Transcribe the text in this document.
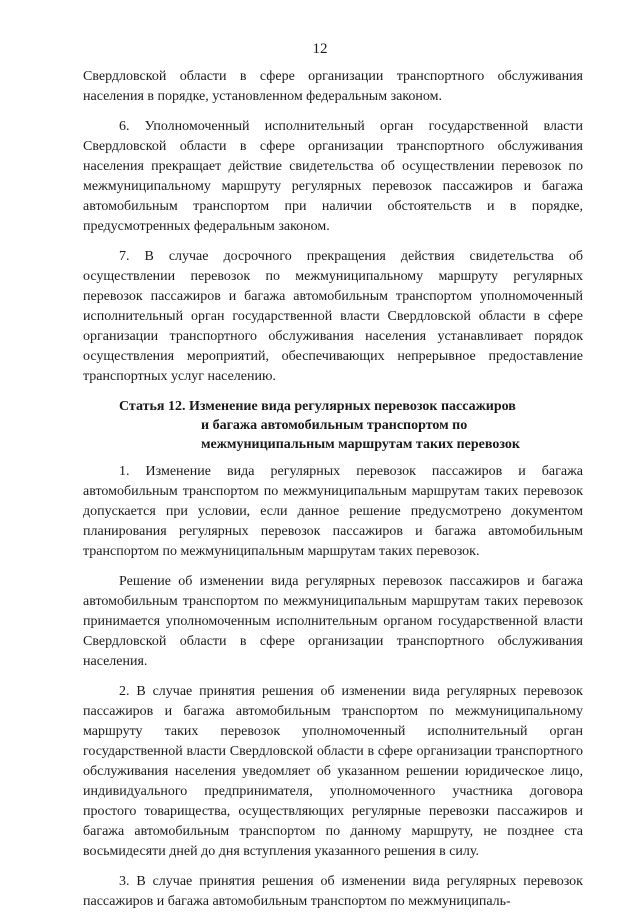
12

Свердловской области в сфере организации транспортного обслуживания населения в порядке, установленном федеральным законом.

6. Уполномоченный исполнительный орган государственной власти Свердловской области в сфере организации транспортного обслуживания населения прекращает действие свидетельства об осуществлении перевозок по межмуниципальному маршруту регулярных перевозок пассажиров и багажа автомобильным транспортом при наличии обстоятельств и в порядке, предусмотренных федеральным законом.

7. В случае досрочного прекращения действия свидетельства об осуществлении перевозок по межмуниципальному маршруту регулярных перевозок пассажиров и багажа автомобильным транспортом уполномоченный исполнительный орган государственной власти Свердловской области в сфере организации транспортного обслуживания населения устанавливает порядок осуществления мероприятий, обеспечивающих непрерывное предоставление транспортных услуг населению.

Статья 12. Изменение вида регулярных перевозок пассажиров
и багажа автомобильным транспортом по
межмуниципальным маршрутам таких перевозок

1. Изменение вида регулярных перевозок пассажиров и багажа автомобильным транспортом по межмуниципальным маршрутам таких перевозок допускается при условии, если данное решение предусмотрено документом планирования регулярных перевозок пассажиров и багажа автомобильным транспортом по межмуниципальным маршрутам таких перевозок.

Решение об изменении вида регулярных перевозок пассажиров и багажа автомобильным транспортом по межмуниципальным маршрутам таких перевозок принимается уполномоченным исполнительным органом государственной власти Свердловской области в сфере организации транспортного обслуживания населения.

2. В случае принятия решения об изменении вида регулярных перевозок пассажиров и багажа автомобильным транспортом по межмуниципальному маршруту таких перевозок уполномоченный исполнительный орган государственной власти Свердловской области в сфере организации транспортного обслуживания населения уведомляет об указанном решении юридическое лицо, индивидуального предпринимателя, уполномоченного участника договора простого товарищества, осуществляющих регулярные перевозки пассажиров и багажа автомобильным транспортом по данному маршруту, не позднее ста восьмидесяти дней до дня вступления указанного решения в силу.

3. В случае принятия решения об изменении вида регулярных перевозок пассажиров и багажа автомобильным транспортом по межмуниципаль-
